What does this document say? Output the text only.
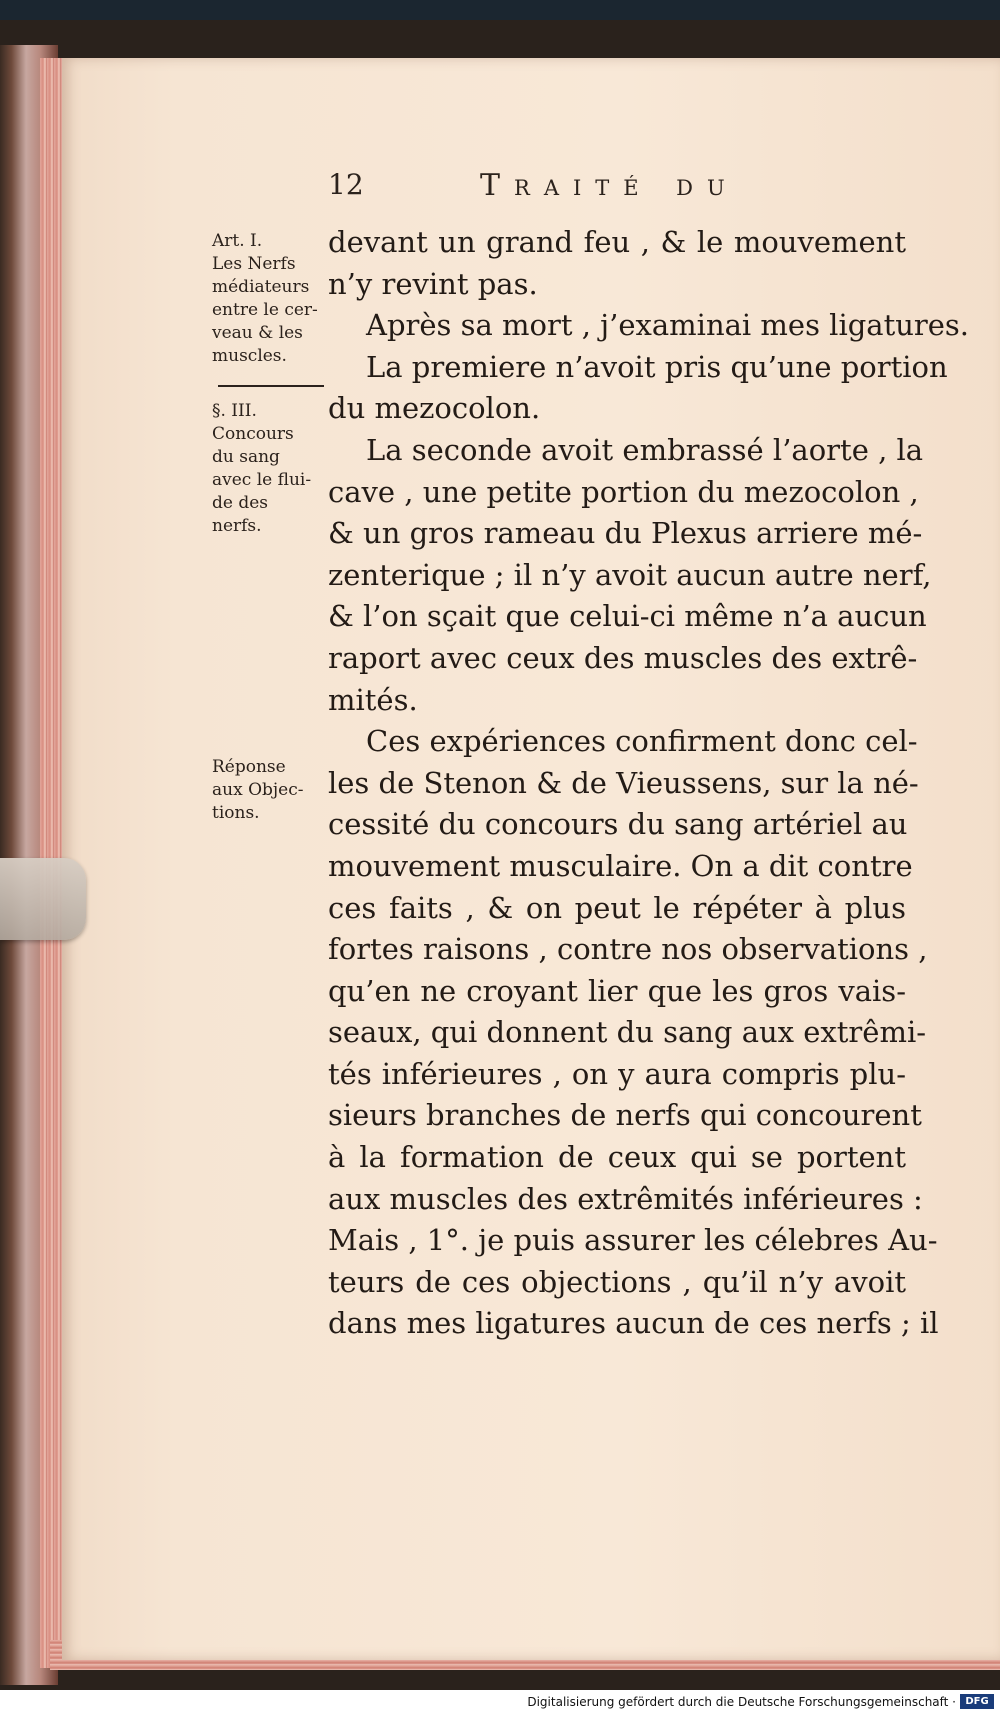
12	Traité du
Art. I.
Les Nerfs
médiateurs
entre le cer-
veau & les
muscles.
§. III.
Concours
du sang
avec le flui-
de des
nerfs.
Réponse
aux Objec-
tions.
devant un grand feu , & le mouvement
n’y revint pas.
Après sa mort , j’examinai mes ligatures.
La premiere n’avoit pris qu’une portion
du mezocolon.
La seconde avoit embrassé l’aorte , la
cave , une petite portion du mezocolon ,
& un gros rameau du Plexus arriere mé-
zenterique ; il n’y avoit aucun autre nerf,
& l’on sçait que celui-ci même n’a aucun
raport avec ceux des muscles des extrê-
mités.
Ces expériences confirment donc cel-
les de Stenon & de Vieussens, sur la né-
cessité du concours du sang artériel au
mouvement musculaire. On a dit contre
ces faits , & on peut le répéter à plus
fortes raisons , contre nos observations ,
qu’en ne croyant lier que les gros vais-
seaux, qui donnent du sang aux extrêmi-
tés inférieures , on y aura compris plu-
sieurs branches de nerfs qui concourent
à la formation de ceux qui se portent
aux muscles des extrêmités inférieures :
Mais , 1°. je puis assurer les célebres Au-
teurs de ces objections , qu’il n’y avoit
dans mes ligatures aucun de ces nerfs ; il
Digitalisierung gefördert durch die Deutsche Forschungsgemeinschaft · DFG
